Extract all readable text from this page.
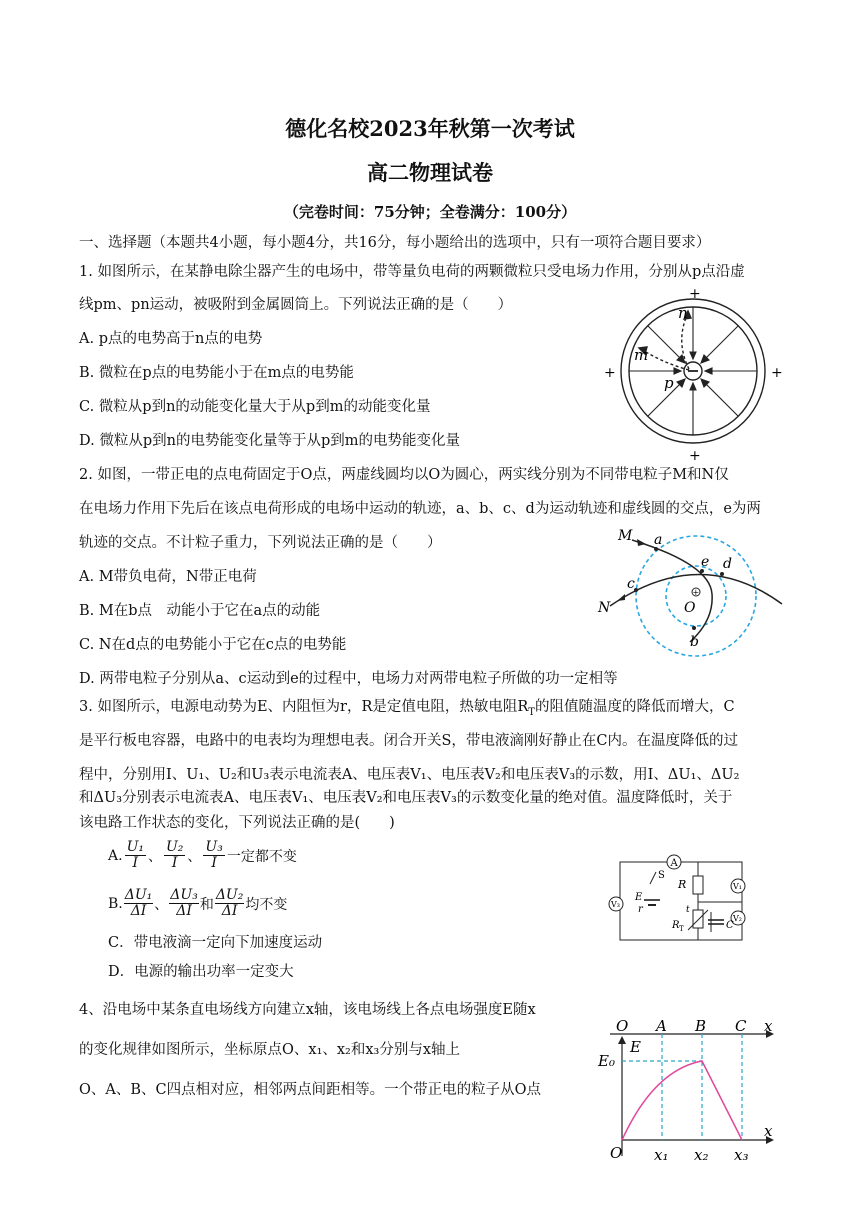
德化名校2023年秋第一次考试
高二物理试卷
（完卷时间：75分钟；全卷满分：100分）
一、选择题（本题共4小题，每小题4分，共16分，每小题给出的选项中，只有一项符合题目要求）
1. 如图所示，在某静电除尘器产生的电场中，带等量负电荷的两颗微粒只受电场力作用，分别从p点沿虚
线pm、pn运动，被吸附到金属圆筒上。下列说法正确的是（　　）
A. p点的电势高于n点的电势
B. 微粒在p点的电势能小于在m点的电势能
C. 微粒从p到n的动能变化量大于从p到m的动能变化量
D. 微粒从p到n的电势能变化量等于从p到m的电势能变化量
+
+
+	+
n
m
p
2. 如图，一带正电的点电荷固定于O点，两虚线圆均以O为圆心，两实线分别为不同带电粒子M和N仅
在电场力作用下先后在该点电荷形成的电场中运动的轨迹，a、b、c、d为运动轨迹和虚线圆的交点，e为两
轨迹的交点。不计粒子重力，下列说法正确的是（　　）
A. M带负电荷，N带正电荷
B. M在b点　动能小于它在a点的动能
C. N在d点的电势能小于它在c点的电势能
D. 两带电粒子分别从a、c运动到e的过程中，电场力对两带电粒子所做的功一定相等
+
M
N
a
b
c
d
e
O
3. 如图所示，电源电动势为E、内阻恒为r，R是定值电阻，热敏电阻$R_T$的阻值随温度的降低而增大，C
是平行板电容器，电路中的电表均为理想电表。闭合开关S，带电液滴刚好静止在C内。在温度降低的过
程中，分别用I、U₁、U₂和U₃表示电流表A、电压表V₁、电压表V₂和电压表V₃的示数，用I、ΔU₁、ΔU₂
和ΔU₃分别表示电流表A、电压表V₁、电压表V₂和电压表V₃的示数变化量的绝对值。温度降低时，关于
该电路工作状态的变化，下列说法正确的是(　　)
A. $\frac{\text{U₁}}{I}$ 、 $\frac{\text{U₂}}{I}$ 、 $\frac{\text{U₃}}{I}$ 一定都不变
B. $\frac{\text{ΔU₁}}{\Delta I}$ 、 $\frac{\text{ΔU₃}}{\Delta I}$ 和 $\frac{\text{ΔU₂}}{\Delta I}$ 均不变
C．带电液滴一定向下加速度运动
D．电源的输出功率一定变大
A
S
R
E
r
V₁
V₂
V₃
t
R T	C
4、沿电场中某条直电场线方向建立x轴，该电场线上各点电场强度E随x
的变化规律如图所示，坐标原点O、x₁、x₂和x₃分别与x轴上
O、A、B、C四点相对应，相邻两点间距相等。一个带正电的粒子从O点
O A B C x
E
E₀
O
x
x₁ x₂ x₃
